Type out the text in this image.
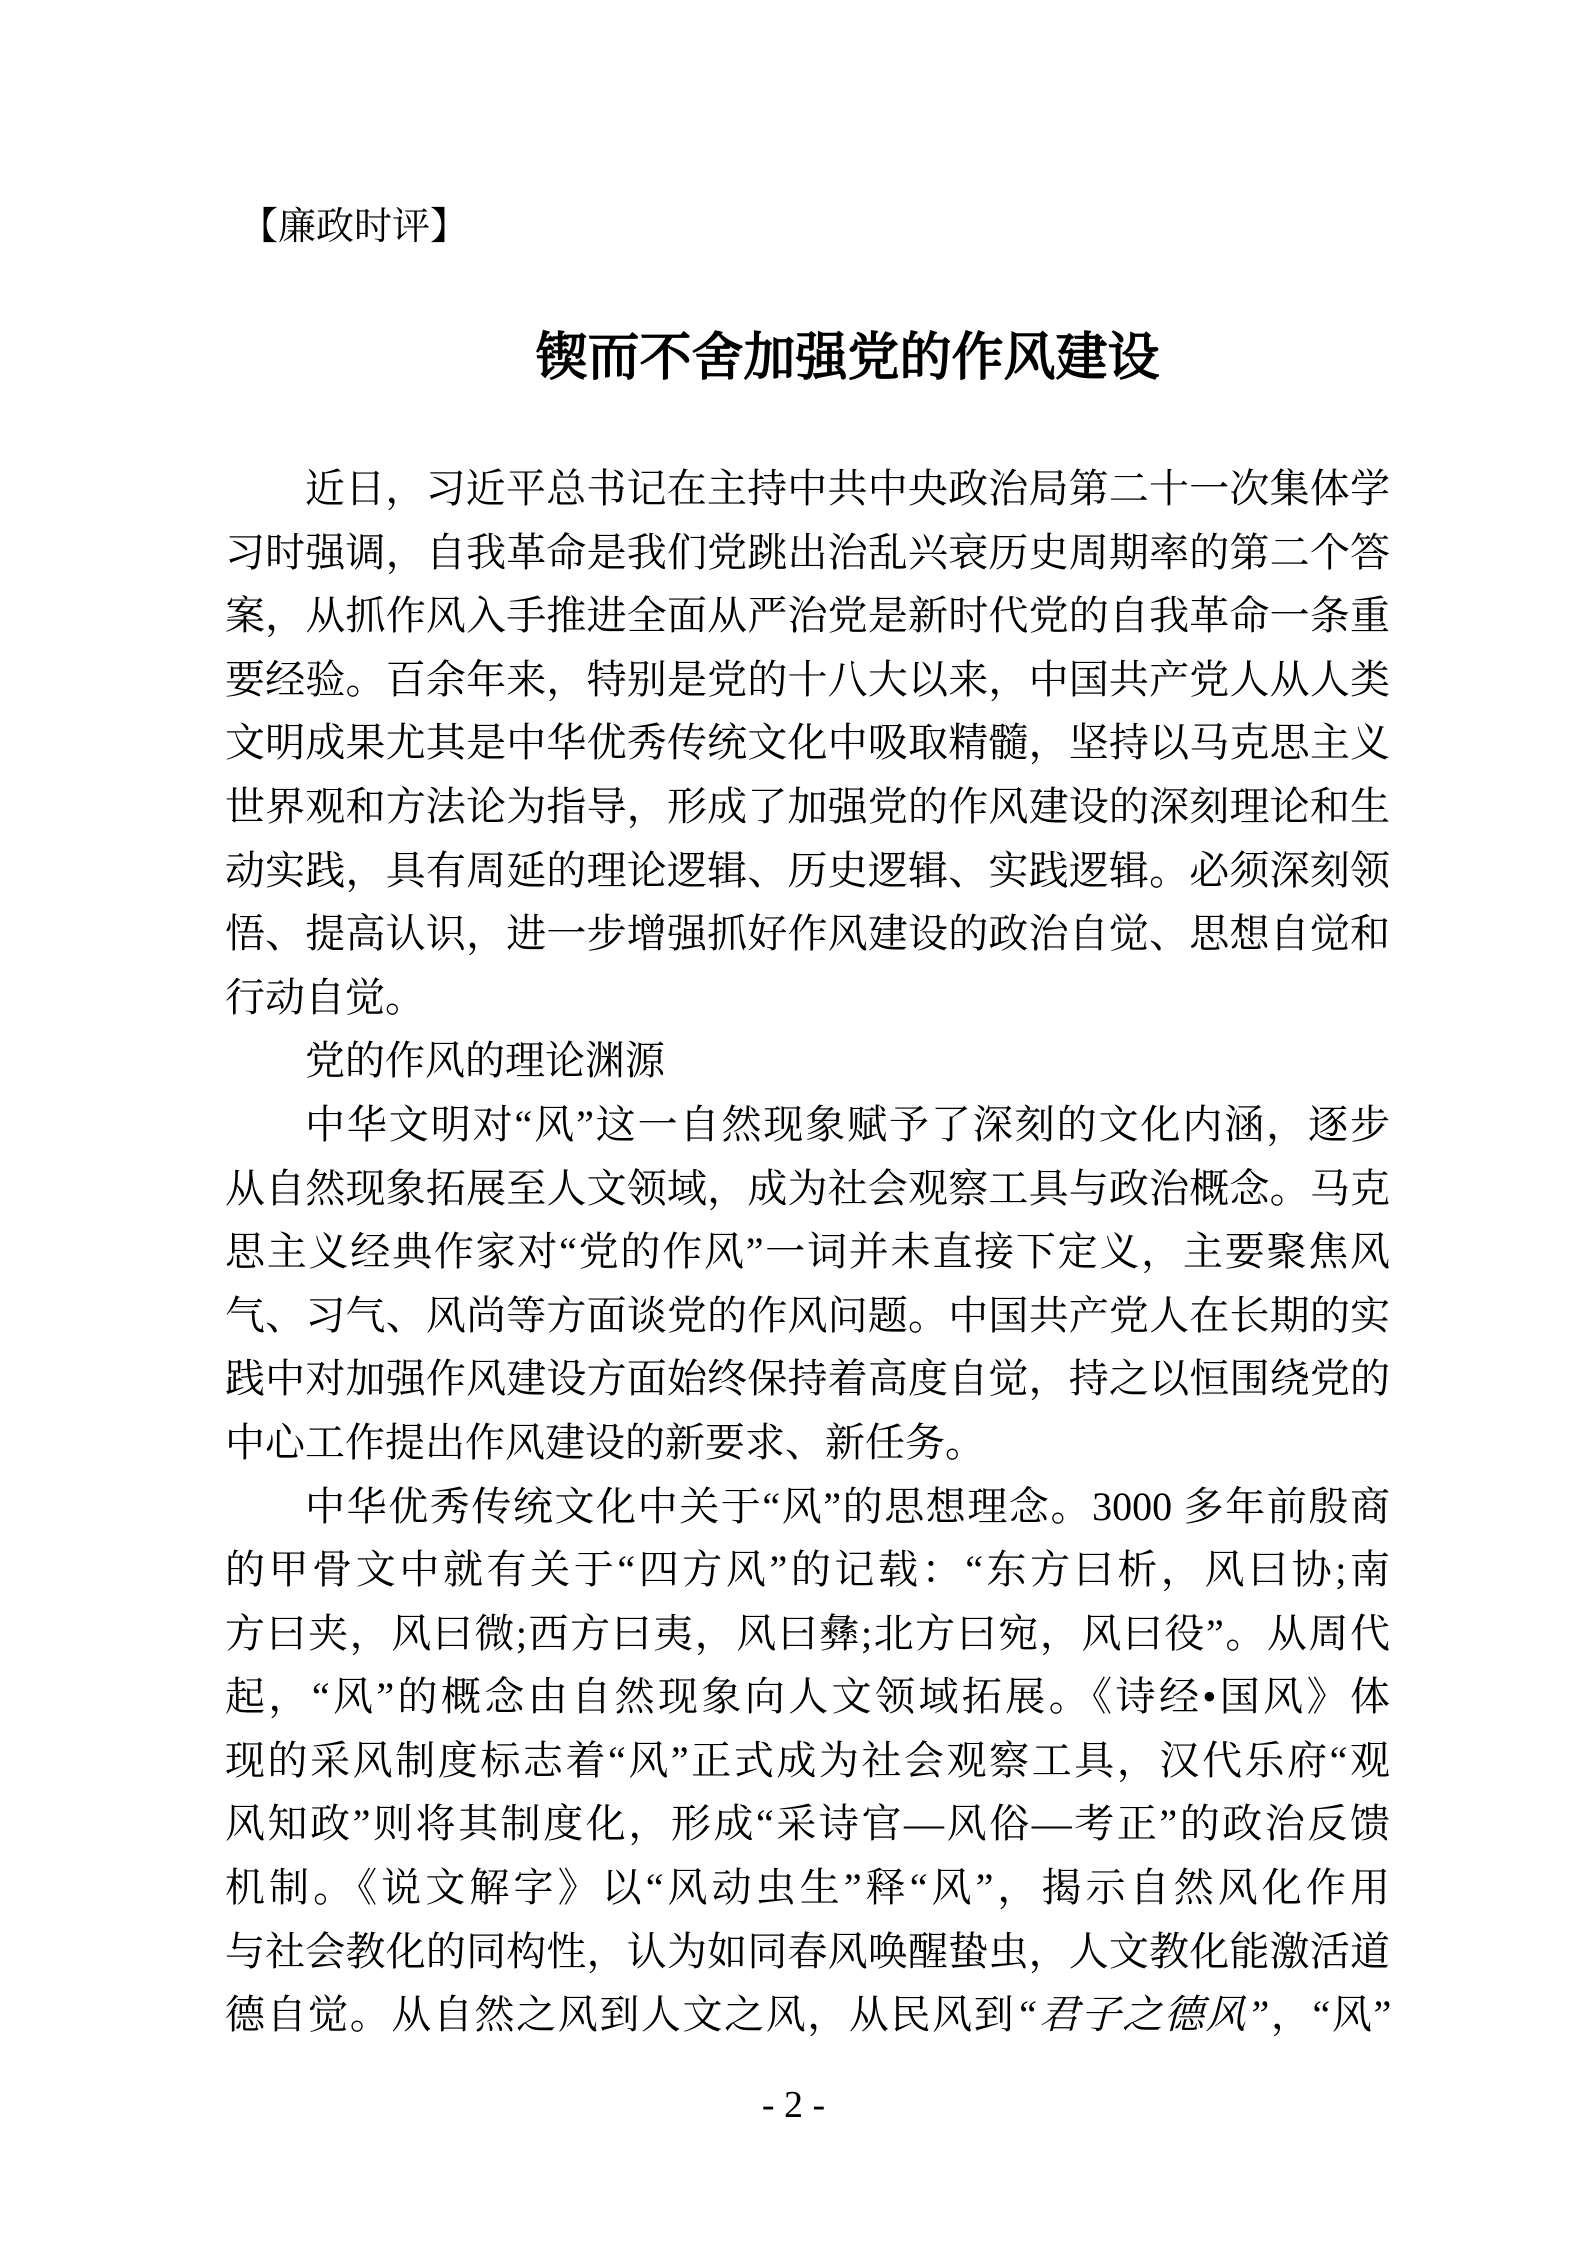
【廉政时评】
锲而不舍加强党的作风建设
近日，习近平总书记在主持中共中央政治局第二十一次集体学
习时强调，自我革命是我们党跳出治乱兴衰历史周期率的第二个答
案，从抓作风入手推进全面从严治党是新时代党的自我革命一条重
要经验。百余年来，特别是党的十八大以来，中国共产党人从人类
文明成果尤其是中华优秀传统文化中吸取精髓，坚持以马克思主义
世界观和方法论为指导，形成了加强党的作风建设的深刻理论和生
动实践，具有周延的理论逻辑、历史逻辑、实践逻辑。必须深刻领
悟、提高认识，进一步增强抓好作风建设的政治自觉、思想自觉和
行动自觉。
党的作风的理论渊源
中华文明对“风”这一自然现象赋予了深刻的文化内涵，逐步
从自然现象拓展至人文领域，成为社会观察工具与政治概念。马克
思主义经典作家对“党的作风”一词并未直接下定义，主要聚焦风
气、习气、风尚等方面谈党的作风问题。中国共产党人在长期的实
践中对加强作风建设方面始终保持着高度自觉，持之以恒围绕党的
中心工作提出作风建设的新要求、新任务。
中华优秀传统文化中关于“风”的思想理念。3000 多年前殷商
的甲骨文中就有关于“四方风”的记载：“东方曰析，风曰协;南
方曰夹，风曰微;西方曰夷，风曰彝;北方曰宛，风曰役”。从周代
起，“风”的概念由自然现象向人文领域拓展。《诗经•国风》体
现的采风制度标志着“风”正式成为社会观察工具，汉代乐府“观
风知政”则将其制度化，形成“采诗官—风俗—考正”的政治反馈
机制。《说文解字》以“风动虫生”释“风”，揭示自然风化作用
与社会教化的同构性，认为如同春风唤醒蛰虫，人文教化能激活道
德自觉。从自然之风到人文之风，从民风到“君子之德风”，“风”
- 2 -
